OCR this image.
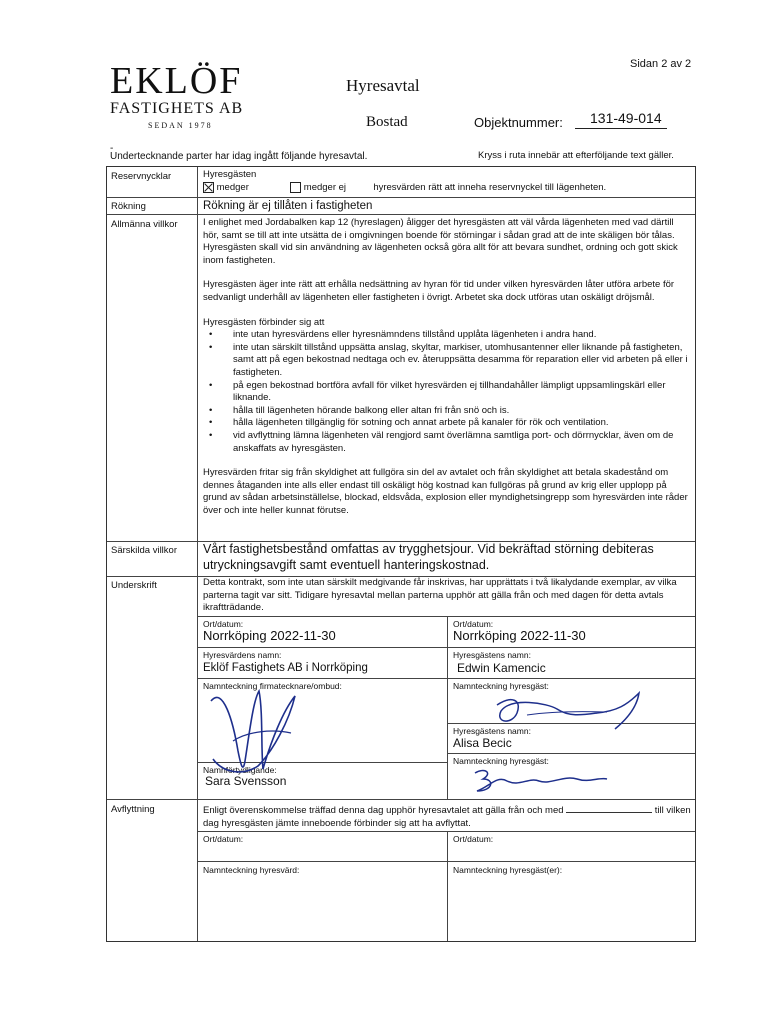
EKLÖF
FASTIGHETS AB
SEDAN 1978
Sidan 2 av 2
Hyresavtal
Bostad	Objektnummer: 131-49-014
-
Undertecknande parter har idag ingått följande hyresavtal.	Kryss i ruta innebär att efterföljande text gäller.
Reservnycklar	Hyresgästen
medger	medger ej	hyresvärden rätt att inneha reservnyckel till lägenheten.
Rökning	Rökning är ej tillåten i fastigheten
Allmänna villkor	I enlighet med Jordabalken kap 12 (hyreslagen) åligger det hyresgästen att väl vårda lägenheten med vad därtill hör, samt se till att inte utsätta de i omgivningen boende för störningar i sådan grad att de inte skäligen bör tålas. Hyresgästen skall vid sin användning av lägenheten också göra allt för att bevara sundhet, ordning och gott skick inom fastigheten.
Hyresgästen äger inte rätt att erhålla nedsättning av hyran för tid under vilken hyresvärden låter utföra arbete för sedvanligt underhåll av lägenheten eller fastigheten i övrigt. Arbetet ska dock utföras utan oskäligt dröjsmål.
Hyresgästen förbinder sig att
• inte utan hyresvärdens eller hyresnämndens tillstånd upplåta lägenheten i andra hand.
• inte utan särskilt tillstånd uppsätta anslag, skyltar, markiser, utomhusantenner eller liknande på fastigheten, samt att på egen bekostnad nedtaga och ev. återuppsätta desamma för reparation eller vid arbeten på eller i fastigheten.
• på egen bekostnad bortföra avfall för vilket hyresvärden ej tillhandahåller lämpligt uppsamlingskärl eller liknande.
• hålla till lägenheten hörande balkong eller altan fri från snö och is.
• hålla lägenheten tillgänglig för sotning och annat arbete på kanaler för rök och ventilation.
• vid avflyttning lämna lägenheten väl rengjord samt överlämna samtliga port- och dörrnycklar, även om de anskaffats av hyresgästen.
Hyresvärden fritar sig från skyldighet att fullgöra sin del av avtalet och från skyldighet att betala skadestånd om dennes åtaganden inte alls eller endast till oskäligt hög kostnad kan fullgöras på grund av krig eller upplopp på grund av sådan arbetsinställelse, blockad, eldsvåda, explosion eller myndighetsingrepp som hyresvärden inte råder över och inte heller kunnat förutse.
Särskilda villkor Vårt fastighetsbestånd omfattas av trygghetsjour. Vid bekräftad störning debiteras utryckningsavgift samt eventuell hanteringskostnad.
Underskrift	Detta kontrakt, som inte utan särskilt medgivande får inskrivas, har upprättats i två likalydande exemplar, av vilka parterna tagit var sitt. Tidigare hyresavtal mellan parterna upphör att gälla från och med dagen för detta avtals ikraftträdande.
Ort/datum:
Norrköping 2022-11-30
Ort/datum:
Norrköping 2022-11-30
Hyresvärdens namn:
Eklöf Fastighets AB i Norrköping
Hyresgästens namn:
Edwin Kamencic
Namnteckning firmatecknare/ombud:	Namnteckning hyresgäst:
Hyresgästens namn:
Alisa Becic
Namnteckning hyresgäst:
Namnförtydligande:
Sara Svensson
Avflyttning	Enligt överenskommelse träffad denna dag upphör hyresavtalet att gälla från och med	till vilken dag hyresgästen jämte inneboende förbinder sig att ha avflyttat.
Ort/datum:	Ort/datum:
Namnteckning hyresvärd:	Namnteckning hyresgäst(er):
